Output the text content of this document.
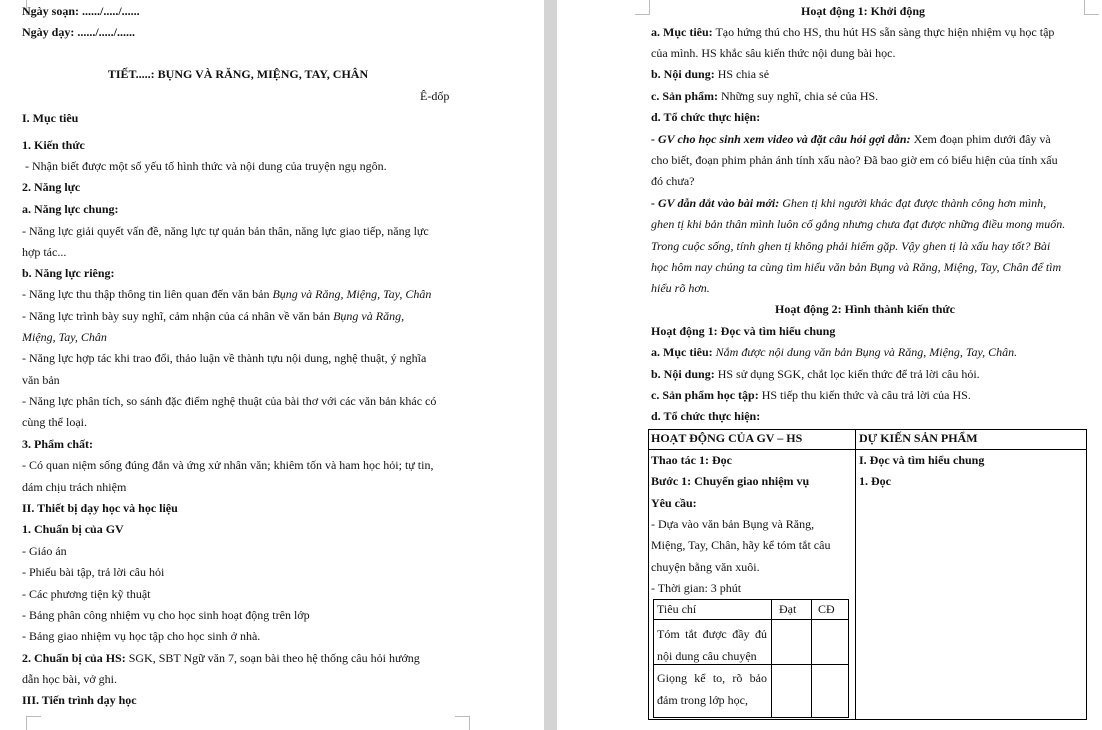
Ngày soạn: ....../...../......
Ngày dạy: ....../...../......
TIẾT.....: BỤNG VÀ RĂNG, MIỆNG, TAY, CHÂN
Ê-dốp
I. Mục tiêu
1. Kiến thức
- Nhận biết được một số yếu tố hình thức và nội dung của truyện ngụ ngôn.
2. Năng lực
a. Năng lực chung:
- Năng lực giải quyết vấn đề, năng lực tự quản bản thân, năng lực giao tiếp, năng lực
hợp tác...
b. Năng lực riêng:
- Năng lực thu thập thông tin liên quan đến văn bản Bụng và Răng, Miệng, Tay, Chân
- Năng lực trình bày suy nghĩ, cảm nhận của cá nhân về văn bản Bụng và Răng,
Miệng, Tay, Chân
- Năng lực hợp tác khi trao đổi, thảo luận về thành tựu nội dung, nghệ thuật, ý nghĩa
văn bản
- Năng lực phân tích, so sánh đặc điểm nghệ thuật của bài thơ với các văn bản khác có
cùng thể loại.
3. Phẩm chất:
- Có quan niệm sống đúng đắn và ứng xử nhân văn; khiêm tốn và ham học hỏi; tự tin,
dám chịu trách nhiệm
II. Thiết bị dạy học và học liệu
1. Chuẩn bị của GV
- Giáo án
- Phiếu bài tập, trả lời câu hỏi
- Các phương tiện kỹ thuật
- Bảng phân công nhiệm vụ cho học sinh hoạt động trên lớp
- Bảng giao nhiệm vụ học tập cho học sinh ở nhà.
2. Chuẩn bị của HS: SGK, SBT Ngữ văn 7, soạn bài theo hệ thống câu hỏi hướng
dẫn học bài, vở ghi.
III. Tiến trình dạy học
Hoạt động 1: Khởi động
a. Mục tiêu: Tạo hứng thú cho HS, thu hút HS sẵn sàng thực hiện nhiệm vụ học tập
của mình. HS khắc sâu kiến thức nội dung bài học.
b. Nội dung: HS chia sẻ
c. Sản phẩm: Những suy nghĩ, chia sẻ của HS.
d. Tổ chức thực hiện:
- GV cho học sinh xem video và đặt câu hỏi gợi dẫn: Xem đoạn phim dưới đây và
cho biết, đoạn phim phản ánh tính xấu nào? Đã bao giờ em có biểu hiện của tính xấu
đó chưa?
- GV dẫn dắt vào bài mới: Ghen tị khi người khác đạt được thành công hơn mình,
ghen tị khi bản thân mình luôn cố gắng nhưng chưa đạt được những điều mong muốn.
Trong cuộc sống, tính ghen tị không phải hiếm gặp. Vậy ghen tị là xấu hay tốt? Bài
học hôm nay chúng ta cùng tìm hiểu văn bản Bụng và Răng, Miệng, Tay, Chân để tìm
hiểu rõ hơn.
Hoạt động 2: Hình thành kiến thức
Hoạt động 1: Đọc và tìm hiểu chung
a. Mục tiêu: Nắm được nội dung văn bản Bụng và Răng, Miệng, Tay, Chân.
b. Nội dung: HS sử dụng SGK, chắt lọc kiến thức để trả lời câu hỏi.
c. Sản phẩm học tập: HS tiếp thu kiến thức và câu trả lời của HS.
d. Tổ chức thực hiện:
HOẠT ĐỘNG CỦA GV – HS	DỰ KIẾN SẢN PHẨM
Thao tác 1: Đọc
Bước 1: Chuyển giao nhiệm vụ
Yêu cầu:
- Dựa vào văn bản Bụng và Răng,
Miệng, Tay, Chân, hãy kể tóm tắt câu
chuyện bằng văn xuôi.
- Thời gian: 3 phút
I. Đọc và tìm hiểu chung
1. Đọc
Tiêu chí	Đạt CĐ
Tóm tắt được đầy đủ nội dung câu chuyện
Giọng kể to, rõ bảo đảm trong lớp học,
